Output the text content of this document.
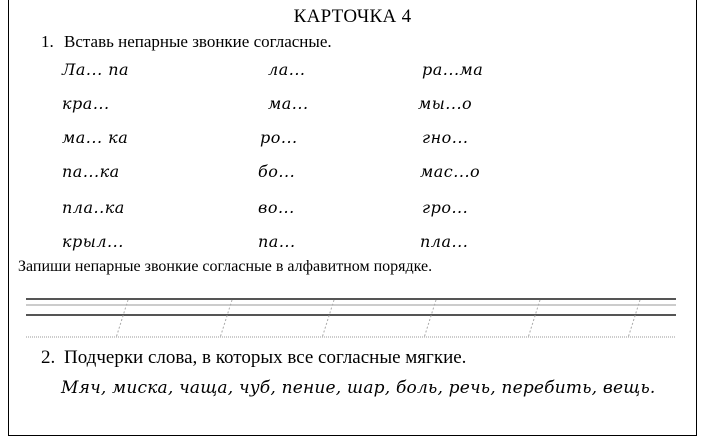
КАРТОЧКА 4
1. Вставь непарные звонкие согласные.
Ла... па
кра...
ма... ка
па...ка
пла..ка
крыл...
ла...
ма...
ро...
бо...
во...
па...
ра...ма
мы...о
гно...
мас...о
гро...
пла...
Запиши непарные звонкие согласные в алфавитном порядке.
2. Подчерки слова, в которых все согласные мягкие.
Мяч, миска, чаща, чуб, пение, шар, боль, речь, перебить, вещь.
